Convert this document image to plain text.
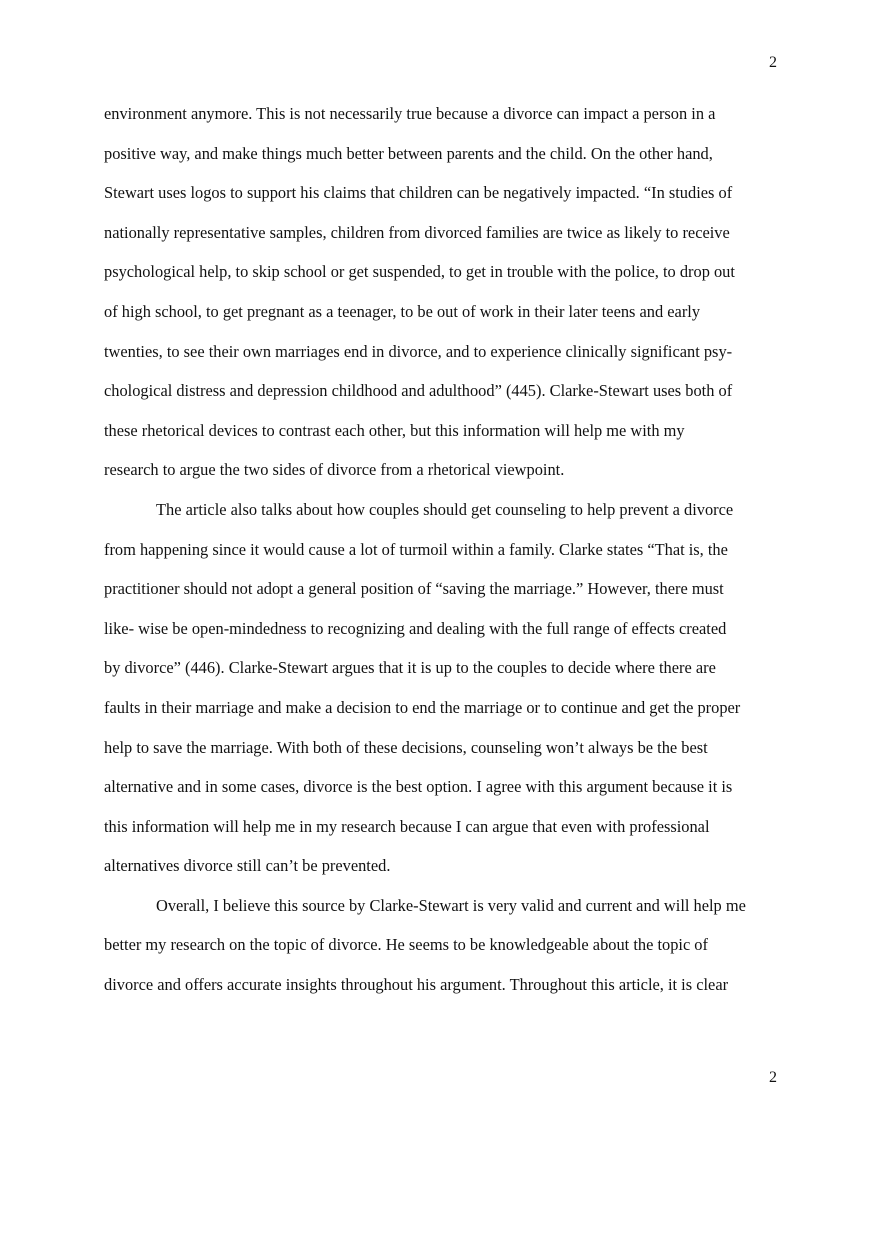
2
environment anymore. This is not necessarily true because a divorce can impact a person in a
positive way, and make things much better between parents and the child. On the other hand,
Stewart uses logos to support his claims that children can be negatively impacted. “In studies of
nationally representative samples, children from divorced families are twice as likely to receive
psychological help, to skip school or get suspended, to get in trouble with the police, to drop out
of high school, to get pregnant as a teenager, to be out of work in their later teens and early
twenties, to see their own marriages end in divorce, and to experience clinically significant psy-
chological distress and depression childhood and adulthood” (445). Clarke-Stewart uses both of
these rhetorical devices to contrast each other, but this information will help me with my
research to argue the two sides of divorce from a rhetorical viewpoint.
The article also talks about how couples should get counseling to help prevent a divorce
from happening since it would cause a lot of turmoil within a family. Clarke states “That is, the
practitioner should not adopt a general position of “saving the marriage.” However, there must
like- wise be open-mindedness to recognizing and dealing with the full range of effects created
by divorce” (446). Clarke-Stewart argues that it is up to the couples to decide where there are
faults in their marriage and make a decision to end the marriage or to continue and get the proper
help to save the marriage. With both of these decisions, counseling won’t always be the best
alternative and in some cases, divorce is the best option. I agree with this argument because it is
this information will help me in my research because I can argue that even with professional
alternatives divorce still can’t be prevented.
Overall, I believe this source by Clarke-Stewart is very valid and current and will help me
better my research on the topic of divorce. He seems to be knowledgeable about the topic of
divorce and offers accurate insights throughout his argument. Throughout this article, it is clear
2
